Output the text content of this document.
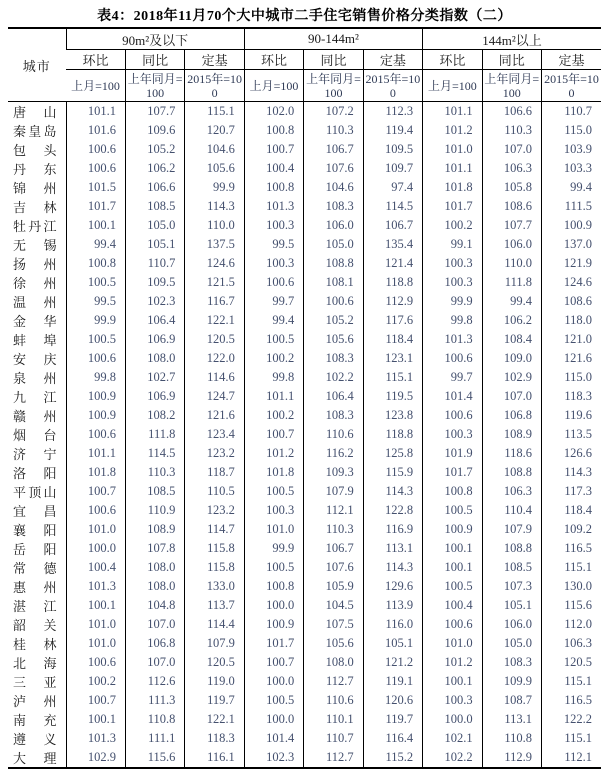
表4：2018年11月70个大中城市二手住宅销售价格分类指数（二）
城市	90m²及以下			90-144m²			144m²以上		
	环比	同比	定基	环比	同比	定基	环比	同比	定基
	上月=100	上年同月=100	2015年=100	上月=100	上年同月=100	2015年=100	上月=100	上年同月=100	2015年=100
唐山	101.1	107.7	115.1	102.0	107.2	112.3	101.1	106.6	110.7
秦皇岛	101.6	109.6	120.7	100.8	110.3	119.4	101.2	110.3	115.0
包头	100.6	105.2	104.6	100.7	106.7	109.5	101.0	107.0	103.9
丹东	100.6	106.2	105.6	100.4	107.6	109.7	101.1	106.3	103.3
锦州	101.5	106.6	99.9	100.8	104.6	97.4	101.8	105.8	99.4
吉林	101.7	108.5	114.3	101.3	108.3	114.5	101.7	108.6	111.5
牡丹江	100.1	105.0	110.0	100.3	106.0	106.7	100.2	107.7	100.9
无锡	99.4	105.1	137.5	99.5	105.0	135.4	99.1	106.0	137.0
扬州	100.8	110.7	124.6	100.3	108.8	121.4	100.3	110.0	121.9
徐州	100.5	109.5	121.5	100.6	108.1	118.8	100.3	111.8	124.6
温州	99.5	102.3	116.7	99.7	100.6	112.9	99.9	99.4	108.6
金华	99.9	106.4	122.1	99.4	105.2	117.6	99.8	106.2	118.0
蚌埠	100.5	106.9	120.5	100.5	105.6	118.4	101.3	108.4	121.0
安庆	100.6	108.0	122.0	100.2	108.3	123.1	100.6	109.0	121.6
泉州	99.8	102.7	114.6	99.8	102.2	115.1	99.7	102.9	115.0
九江	100.9	106.9	124.7	101.1	106.4	119.5	101.4	107.0	118.3
赣州	100.9	108.2	121.6	100.2	108.3	123.8	100.6	106.8	119.6
烟台	100.6	111.8	123.4	100.7	110.6	118.8	100.3	108.9	113.5
济宁	101.1	114.5	123.2	101.2	116.2	125.8	101.9	118.6	126.6
洛阳	101.8	110.3	118.7	101.8	109.3	115.9	101.7	108.8	114.3
平顶山	100.7	108.5	110.5	100.5	107.9	114.3	100.8	106.3	117.3
宜昌	100.6	110.9	123.2	100.3	112.1	122.8	100.5	110.4	118.4
襄阳	101.0	108.9	114.7	101.0	110.3	116.9	100.9	107.9	109.2
岳阳	100.0	107.8	115.8	99.9	106.7	113.1	100.1	108.8	116.5
常德	100.4	108.0	115.8	100.5	107.6	114.3	100.1	108.5	115.1
惠州	101.3	108.0	133.0	100.8	105.9	129.6	100.5	107.3	130.0
湛江	100.1	104.8	113.7	100.0	104.5	113.9	100.4	105.1	115.6
韶关	101.0	107.0	114.4	100.9	107.5	116.0	100.6	106.0	112.0
桂林	101.0	106.8	107.9	101.7	105.6	105.1	101.0	105.0	106.3
北海	100.6	107.0	120.5	100.7	108.0	121.2	101.2	108.3	120.5
三亚	100.2	112.6	119.0	100.0	112.7	119.1	100.1	109.9	115.1
泸州	100.7	111.3	119.7	100.5	110.6	120.6	100.3	108.7	116.5
南充	100.1	110.8	122.1	100.0	110.1	119.7	100.0	113.1	122.2
遵义	101.3	111.1	118.3	101.4	110.7	116.4	102.1	110.8	115.1
大理	102.9	115.6	116.1	102.3	112.7	115.2	102.2	112.9	112.1
